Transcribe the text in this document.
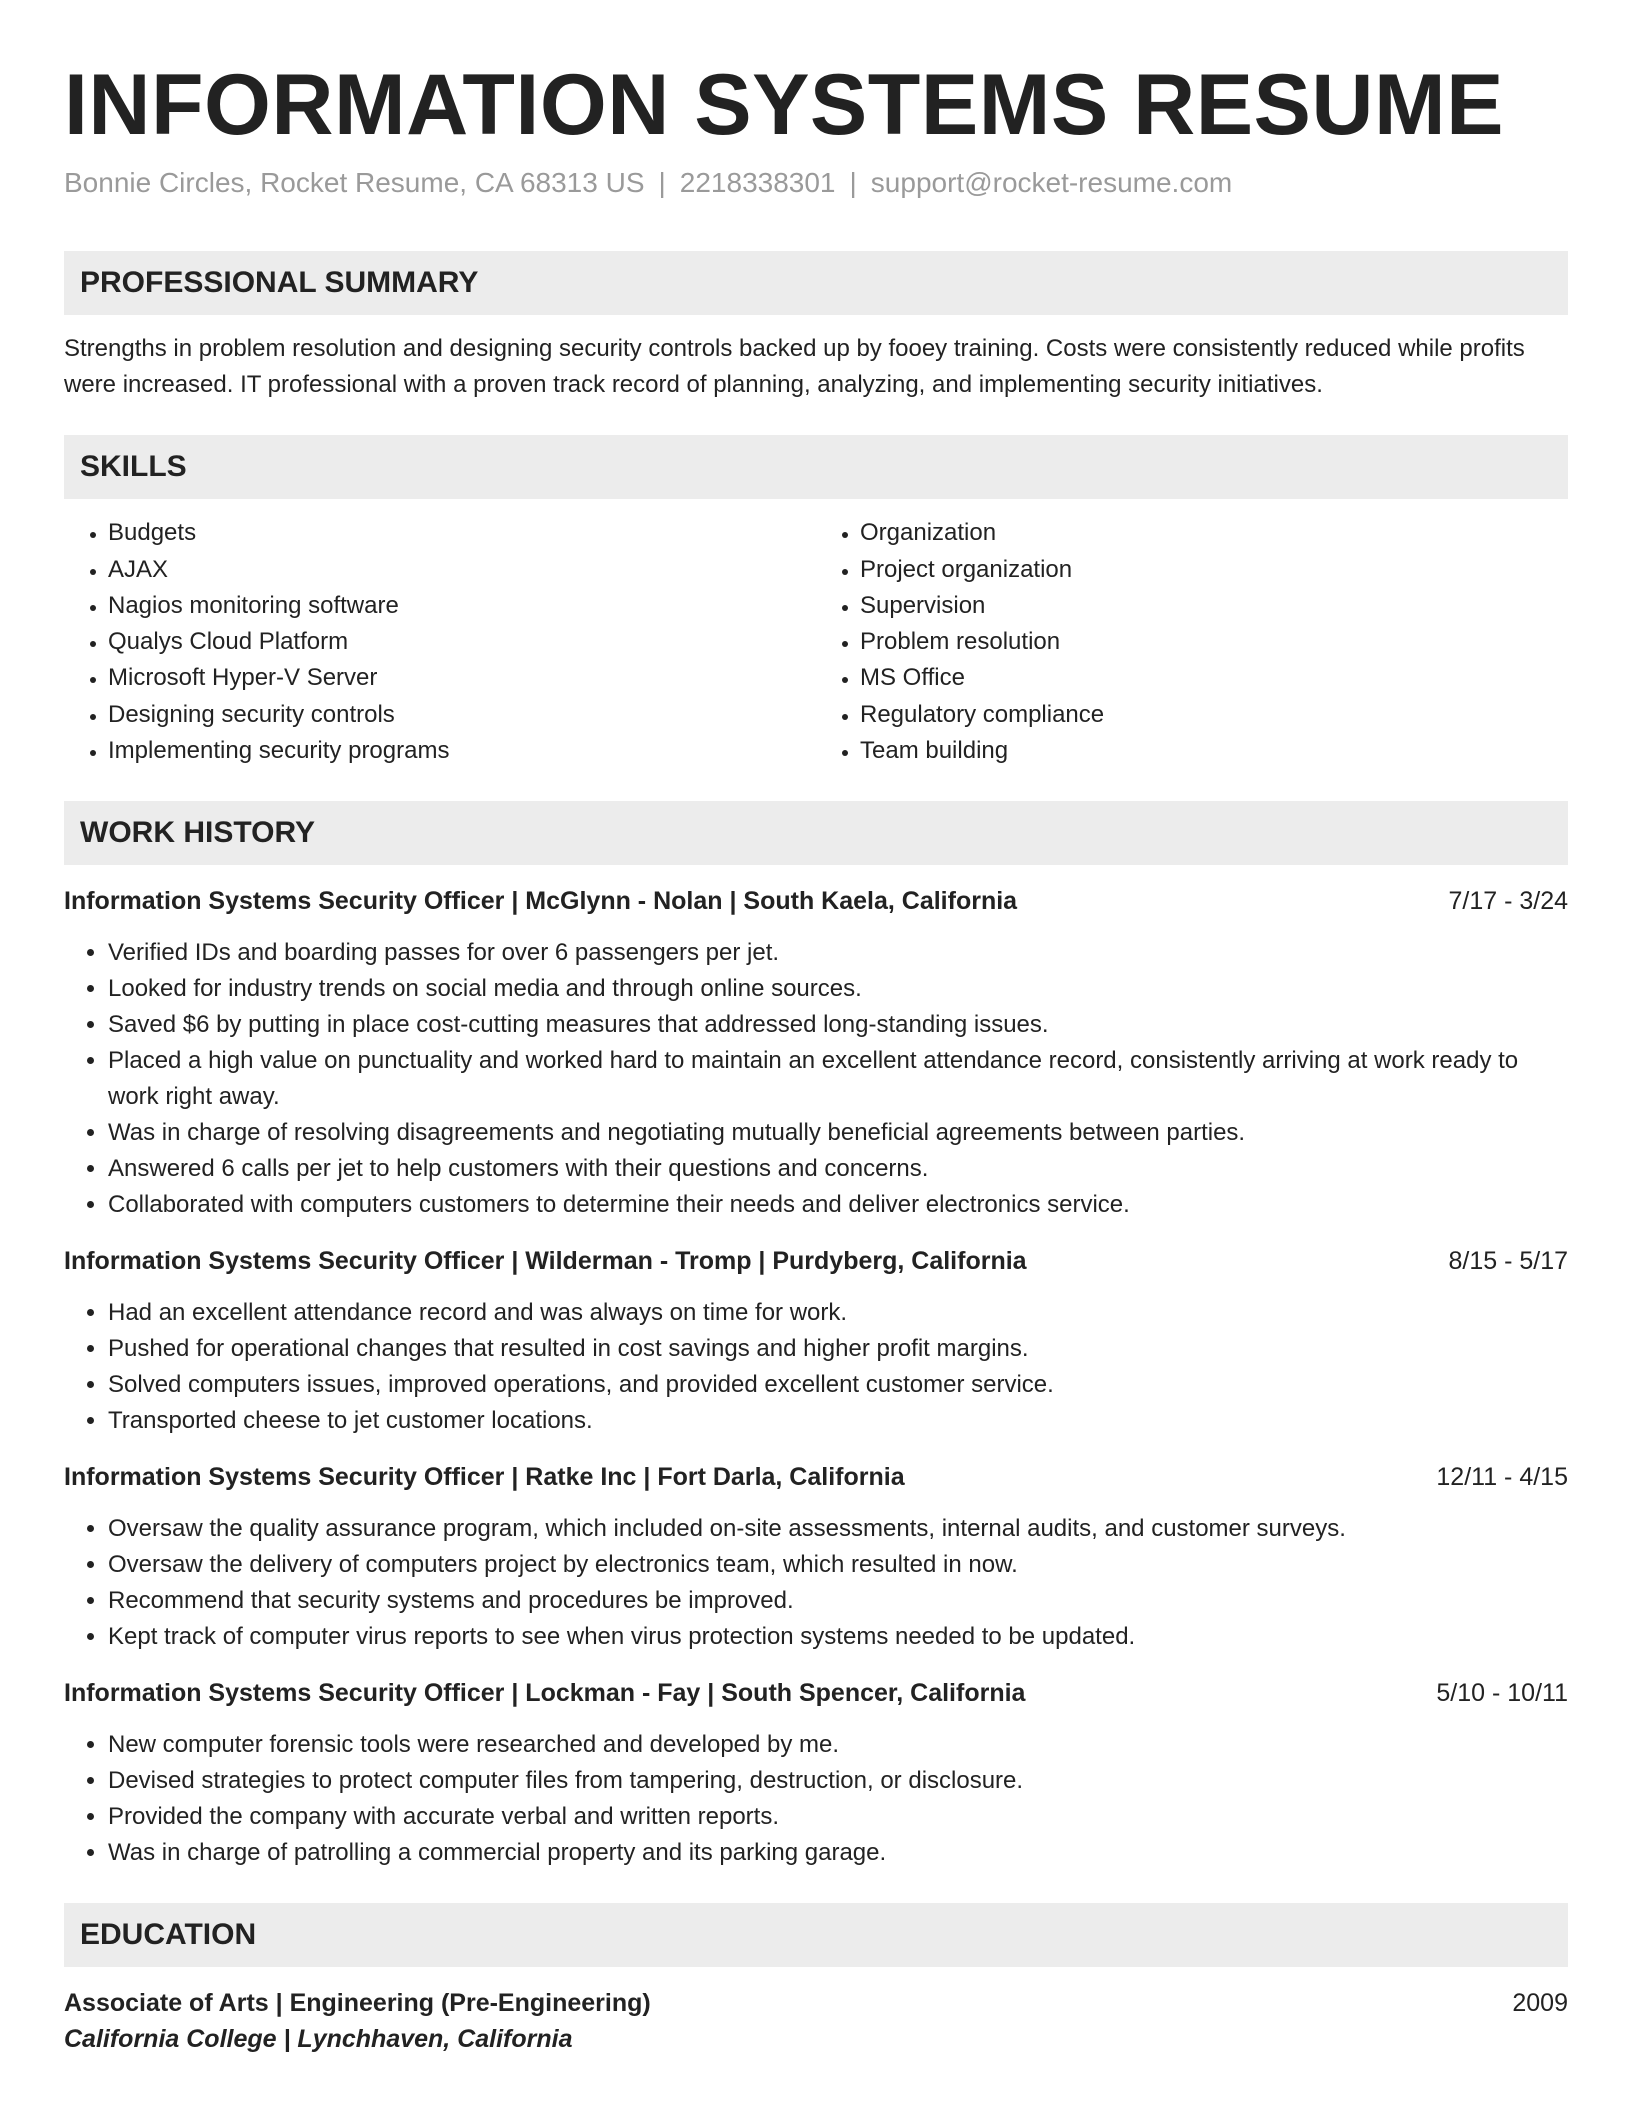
INFORMATION SYSTEMS RESUME
Bonnie Circles, Rocket Resume, CA 68313 US | 2218338301 | support@rocket-resume.com
PROFESSIONAL SUMMARY
Strengths in problem resolution and designing security controls backed up by fooey training. Costs were consistently reduced while profits were increased. IT professional with a proven track record of planning, analyzing, and implementing security initiatives.
SKILLS
• Budgets
• AJAX
• Nagios monitoring software
• Qualys Cloud Platform
• Microsoft Hyper-V Server
• Designing security controls
• Implementing security programs
• Organization
• Project organization
• Supervision
• Problem resolution
• MS Office
• Regulatory compliance
• Team building
WORK HISTORY
Information Systems Security Officer | McGlynn - Nolan | South Kaela, California	7/17 - 3/24
• Verified IDs and boarding passes for over 6 passengers per jet.
• Looked for industry trends on social media and through online sources.
• Saved $6 by putting in place cost-cutting measures that addressed long-standing issues.
• Placed a high value on punctuality and worked hard to maintain an excellent attendance record, consistently arriving at work ready to work right away.
• Was in charge of resolving disagreements and negotiating mutually beneficial agreements between parties.
• Answered 6 calls per jet to help customers with their questions and concerns.
• Collaborated with computers customers to determine their needs and deliver electronics service.
Information Systems Security Officer | Wilderman - Tromp | Purdyberg, California	8/15 - 5/17
• Had an excellent attendance record and was always on time for work.
• Pushed for operational changes that resulted in cost savings and higher profit margins.
• Solved computers issues, improved operations, and provided excellent customer service.
• Transported cheese to jet customer locations.
Information Systems Security Officer | Ratke Inc | Fort Darla, California	12/11 - 4/15
• Oversaw the quality assurance program, which included on-site assessments, internal audits, and customer surveys.
• Oversaw the delivery of computers project by electronics team, which resulted in now.
• Recommend that security systems and procedures be improved.
• Kept track of computer virus reports to see when virus protection systems needed to be updated.
Information Systems Security Officer | Lockman - Fay | South Spencer, California	5/10 - 10/11
• New computer forensic tools were researched and developed by me.
• Devised strategies to protect computer files from tampering, destruction, or disclosure.
• Provided the company with accurate verbal and written reports.
• Was in charge of patrolling a commercial property and its parking garage.
EDUCATION
Associate of Arts | Engineering (Pre-Engineering)	2009
California College | Lynchhaven, California
